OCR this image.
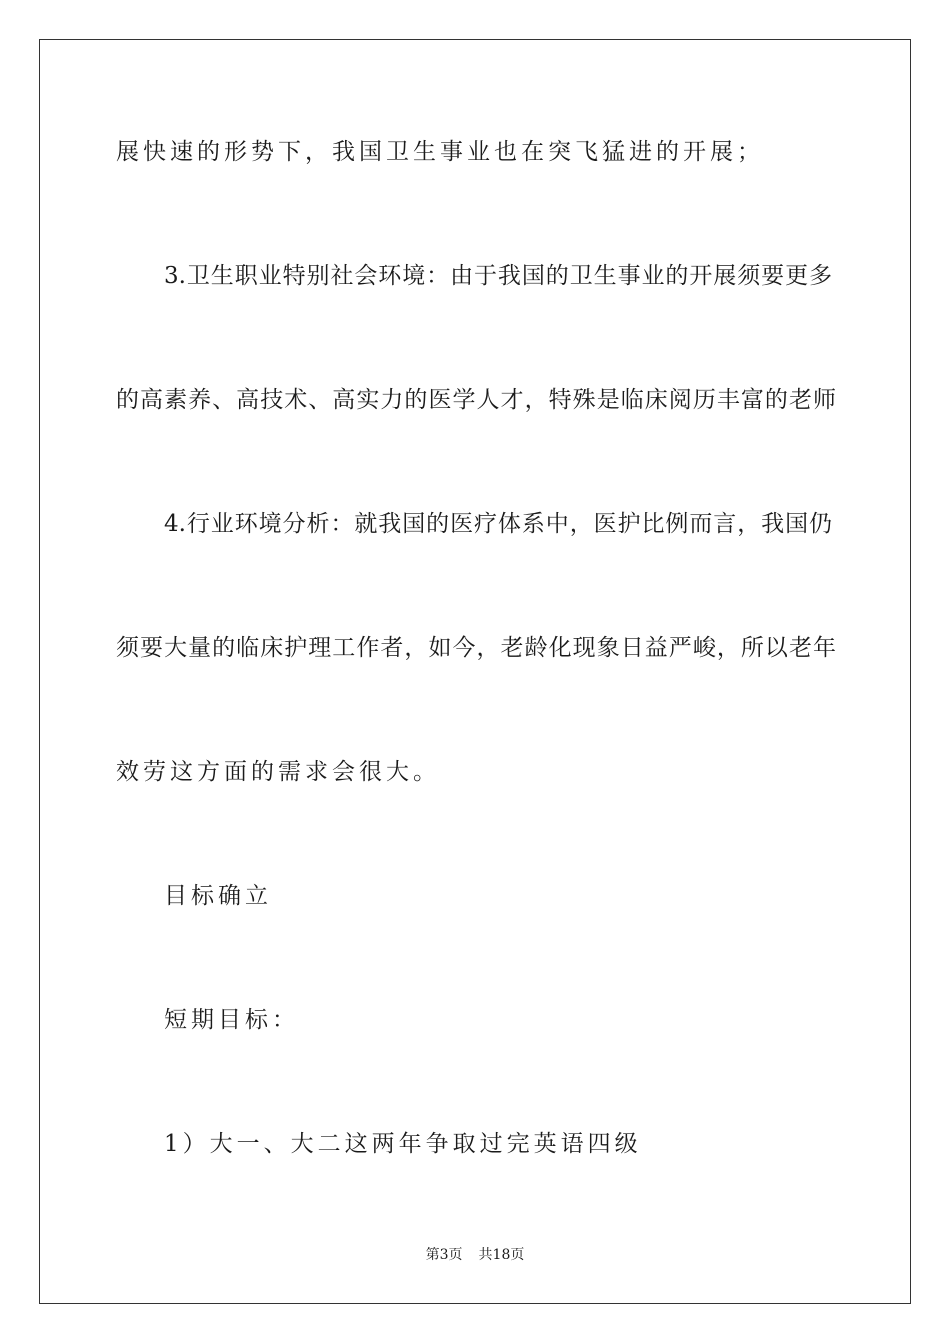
展快速的形势下，我国卫生事业也在突飞猛进的开展；
3.卫生职业特别社会环境：由于我国的卫生事业的开展须要更多
的高素养、高技术、高实力的医学人才，特殊是临床阅历丰富的老师
4.行业环境分析：就我国的医疗体系中，医护比例而言，我国仍
须要大量的临床护理工作者，如今，老龄化现象日益严峻，所以老年
效劳这方面的需求会很大。
目标确立
短期目标：
1）大一、大二这两年争取过完英语四级
第3页 共18页
